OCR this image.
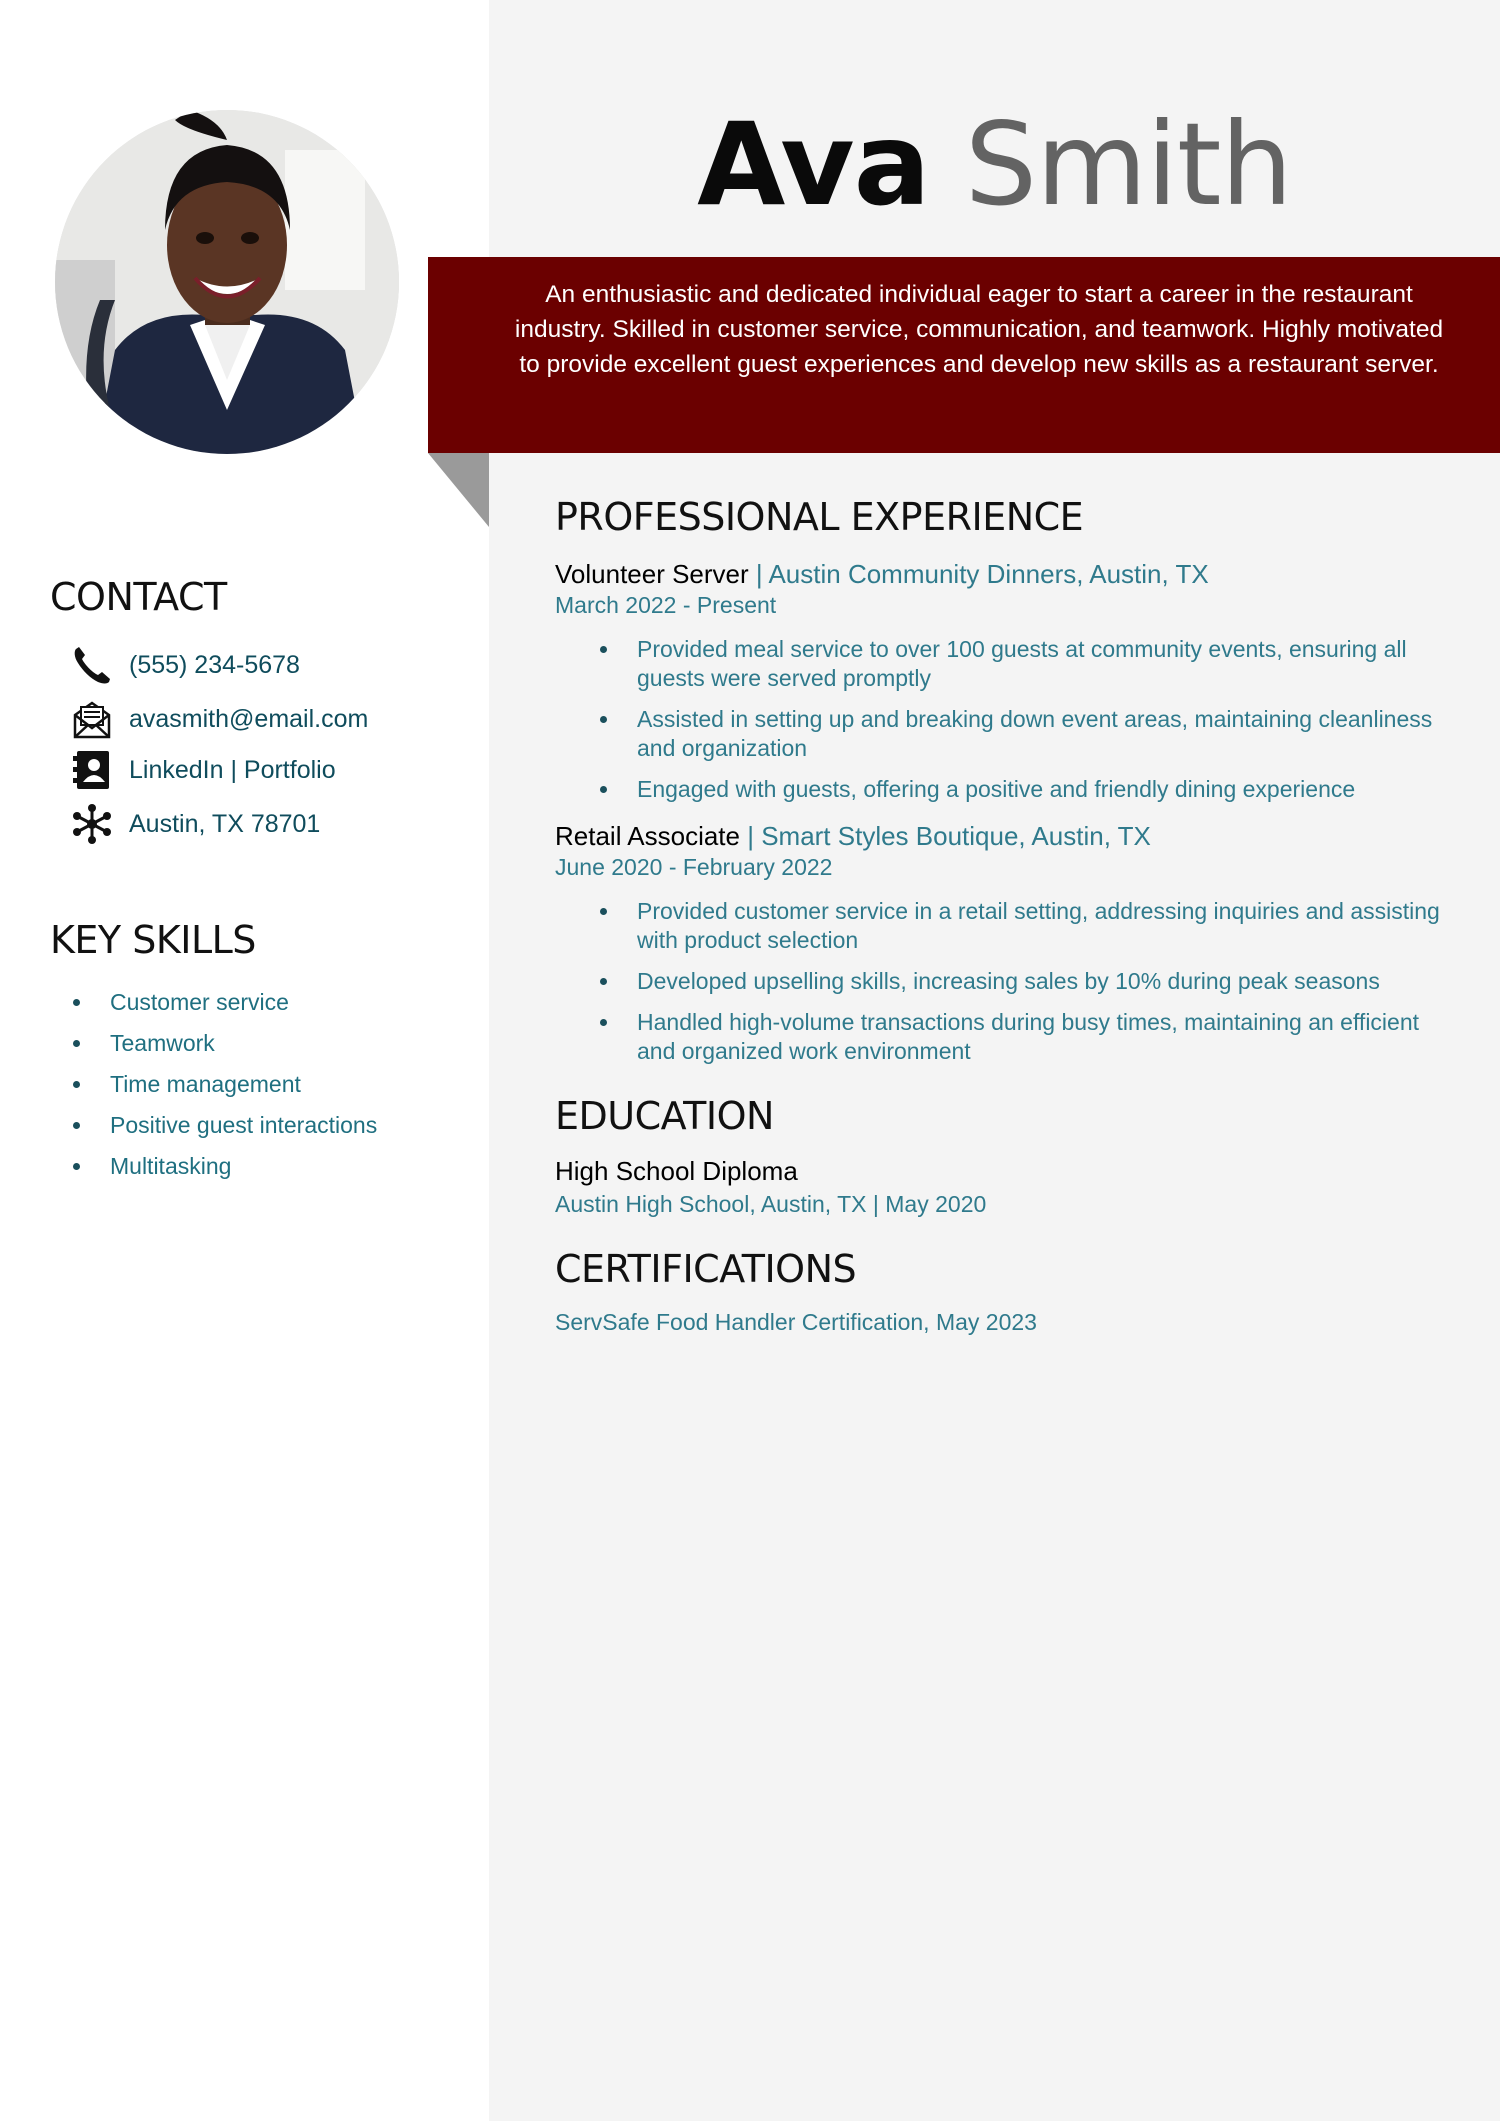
Ava Smith
An enthusiastic and dedicated individual eager to start a career in the restaurant industry. Skilled in customer service, communication, and teamwork. Highly motivated to provide excellent guest experiences and develop new skills as a restaurant server.
CONTACT
(555) 234-5678
avasmith@email.com
LinkedIn | Portfolio
Austin, TX 78701
KEY SKILLS
Customer service
Teamwork
Time management
Positive guest interactions
Multitasking
PROFESSIONAL EXPERIENCE
Volunteer Server | Austin Community Dinners, Austin, TX
March 2022 - Present
Provided meal service to over 100 guests at community events, ensuring all guests were served promptly
Assisted in setting up and breaking down event areas, maintaining cleanliness and organization
Engaged with guests, offering a positive and friendly dining experience
Retail Associate | Smart Styles Boutique, Austin, TX
June 2020 - February 2022
Provided customer service in a retail setting, addressing inquiries and assisting with product selection
Developed upselling skills, increasing sales by 10% during peak seasons
Handled high-volume transactions during busy times, maintaining an efficient and organized work environment
EDUCATION
High School Diploma
Austin High School, Austin, TX | May 2020
CERTIFICATIONS
ServSafe Food Handler Certification, May 2023
